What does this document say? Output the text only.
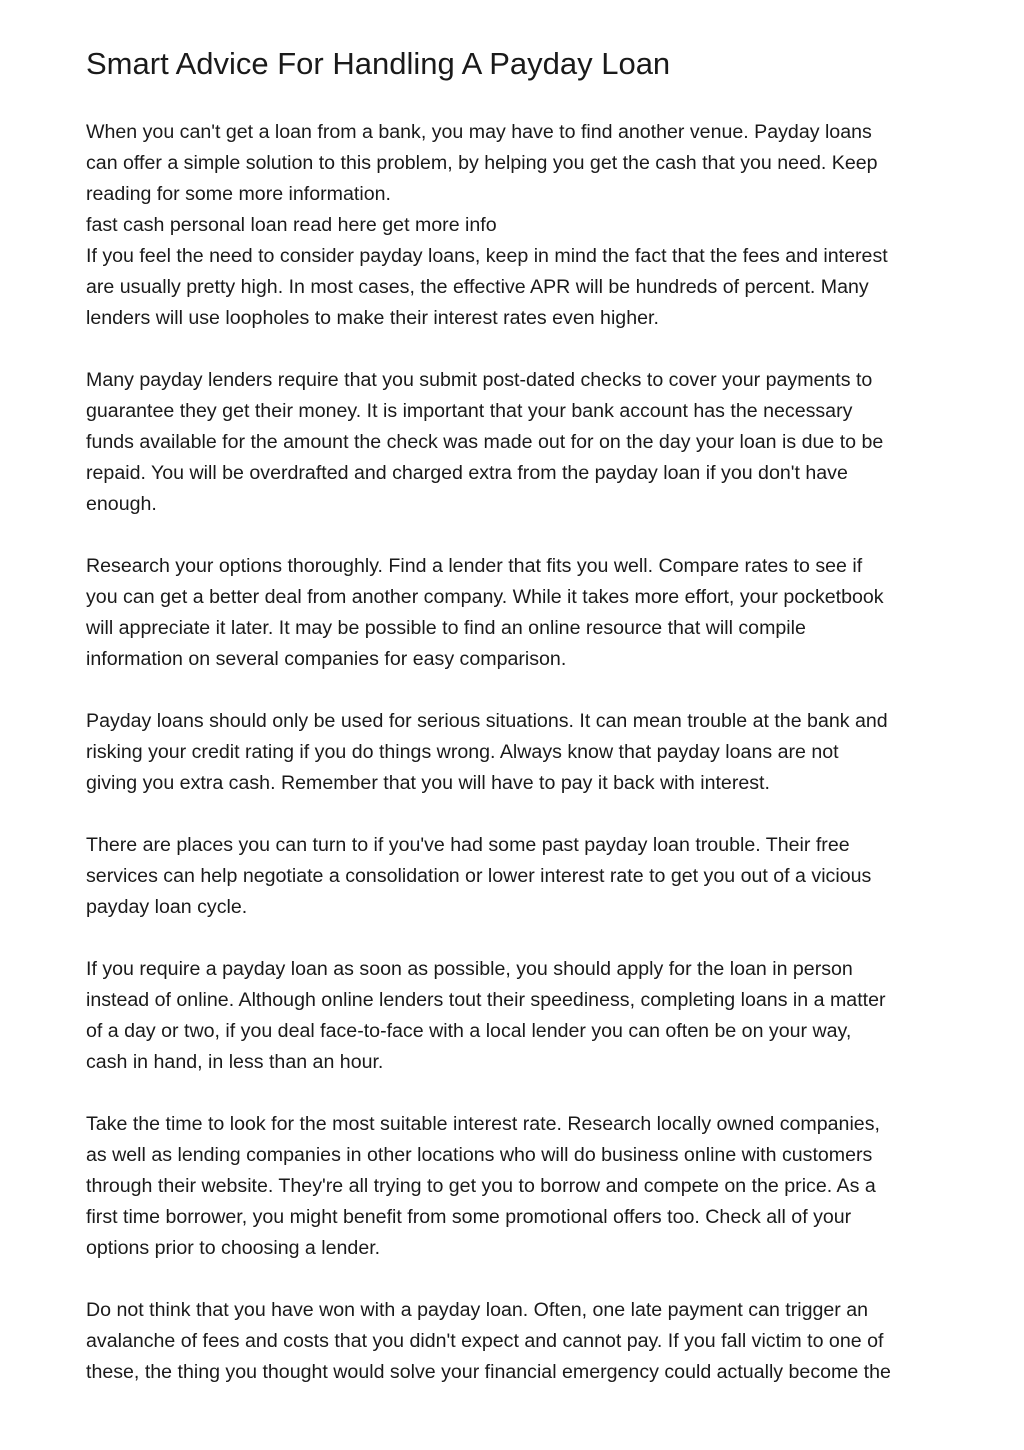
Smart Advice For Handling A Payday Loan
When you can't get a loan from a bank, you may have to find another venue. Payday loans
can offer a simple solution to this problem, by helping you get the cash that you need. Keep
reading for some more information.
fast cash personal loan read here get more info
If you feel the need to consider payday loans, keep in mind the fact that the fees and interest
are usually pretty high. In most cases, the effective APR will be hundreds of percent. Many
lenders will use loopholes to make their interest rates even higher.
Many payday lenders require that you submit post-dated checks to cover your payments to
guarantee they get their money. It is important that your bank account has the necessary
funds available for the amount the check was made out for on the day your loan is due to be
repaid. You will be overdrafted and charged extra from the payday loan if you don't have
enough.
Research your options thoroughly. Find a lender that fits you well. Compare rates to see if
you can get a better deal from another company. While it takes more effort, your pocketbook
will appreciate it later. It may be possible to find an online resource that will compile
information on several companies for easy comparison.
Payday loans should only be used for serious situations. It can mean trouble at the bank and
risking your credit rating if you do things wrong. Always know that payday loans are not
giving you extra cash. Remember that you will have to pay it back with interest.
There are places you can turn to if you've had some past payday loan trouble. Their free
services can help negotiate a consolidation or lower interest rate to get you out of a vicious
payday loan cycle.
If you require a payday loan as soon as possible, you should apply for the loan in person
instead of online. Although online lenders tout their speediness, completing loans in a matter
of a day or two, if you deal face-to-face with a local lender you can often be on your way,
cash in hand, in less than an hour.
Take the time to look for the most suitable interest rate. Research locally owned companies,
as well as lending companies in other locations who will do business online with customers
through their website. They're all trying to get you to borrow and compete on the price. As a
first time borrower, you might benefit from some promotional offers too. Check all of your
options prior to choosing a lender.
Do not think that you have won with a payday loan. Often, one late payment can trigger an
avalanche of fees and costs that you didn't expect and cannot pay. If you fall victim to one of
these, the thing you thought would solve your financial emergency could actually become the
